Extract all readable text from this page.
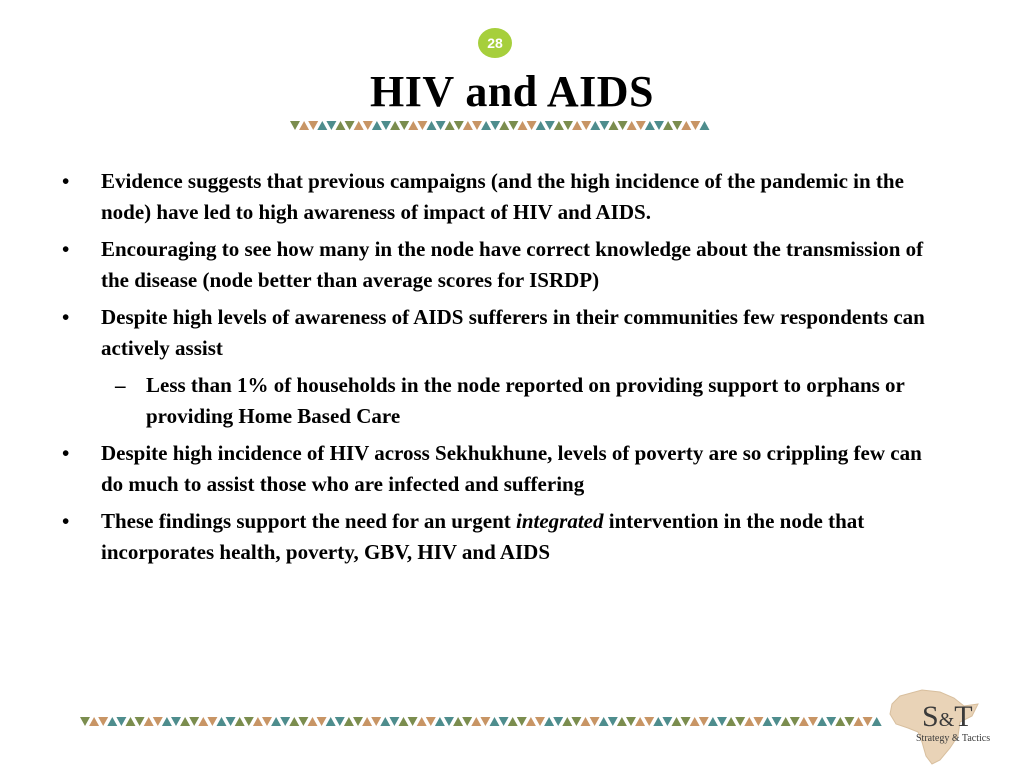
28
HIV and AIDS
• Evidence suggests that previous campaigns (and the high incidence of the pandemic in the node) have led to high awareness of impact of HIV and AIDS.
• Encouraging to see how many in the node have correct knowledge about the transmission of the disease (node better than average scores for ISRDP)
• Despite high levels of awareness of AIDS sufferers in their communities few respondents can actively assist
– Less than 1% of households in the node reported on providing support to orphans or providing Home Based Care
• Despite high incidence of HIV across Sekhukhune, levels of poverty are so crippling few can do much to assist those who are infected and suffering
• These findings support the need for an urgent integrated intervention in the node that incorporates health, poverty, GBV, HIV and AIDS
S&T
Strategy & Tactics
